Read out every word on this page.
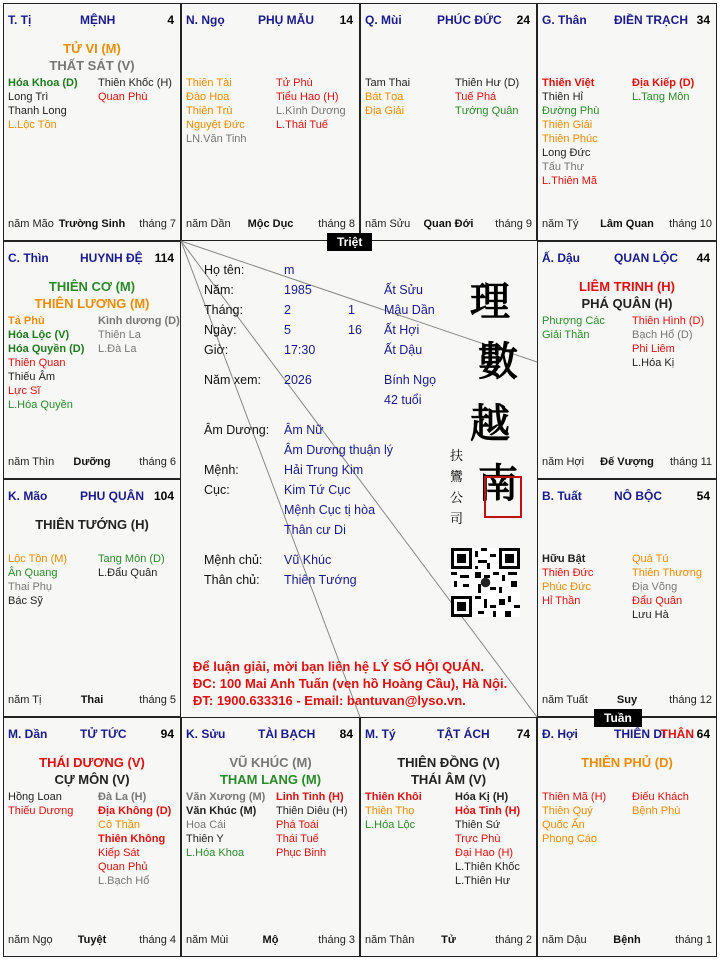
T. Tị	MỆNH	4
TỬ VI (M)
THẤT SÁT (V)
Hóa Khoa (D)
Long Trì
Thanh Long
L.Lộc Tồn
Thiên Khốc (H)
Quan Phù
năm Mão Trường Sinh	tháng 7
N. Ngọ	PHỤ MẪU 14
Thiên Tài
Đào Hoa
Thiên Trù
Nguyệt Đức
LN.Văn Tinh
Tử Phù
Tiểu Hao (H)
L.Kình Dương
L.Thái Tuế
năm Dần	Mộc Dục	tháng 8
Q. Mùi	PHÚC ĐỨC 24
Tam Thai
Bát Tọa
Địa Giải
Thiên Hư (D)
Tuế Phá
Tướng Quân
năm Sửu	Quan Đới	tháng 9
G. Thân ĐIỀN TRẠCH 34
Thiên Việt
Thiên Hỉ
Đường Phù
Thiên Giải
Thiên Phúc
Long Đức
Tấu Thư
L.Thiên Mã
Địa Kiếp (D)
L.Tang Môn
năm Tý	Lâm Quan	tháng 10
C. Thìn	HUYNH ĐỆ 114
THIÊN CƠ (M)
THIÊN LƯƠNG (M)
Tả Phù
Hóa Lộc (V)
Hóa Quyền (D)
Thiên Quan
Thiếu Âm
Lực Sĩ
L.Hóa Quyền
Kình dương (D)
Thiên La
L.Đà La
năm Thìn	Dưỡng	tháng 6
Ấ. Dậu	QUAN LỘC 44
LIÊM TRINH (H)
PHÁ QUÂN (H)
Phượng Các
Giải Thần
Thiên Hình (D)
Bạch Hổ (D)
Phi Liêm
L.Hóa Kị
năm Hợi	Đế Vượng	tháng 11
K. Mão	PHU QUÂN 104
THIÊN TƯỚNG (H)
Lộc Tồn (M)
Ân Quang
Thai Phụ
Bác Sỹ
Tang Môn (D)
L.Đẩu Quân
năm Tị	Thai	tháng 5
B. Tuất	NÔ BỘC	54
Hữu Bật
Thiên Đức
Phúc Đức
Hỉ Thần
Quả Tú
Thiên Thương
Địa Võng
Đẩu Quân
Lưu Hà
năm Tuất	Suy	tháng 12
M. Dần	TỬ TỨC	94
THÁI DƯƠNG (V)
CỰ MÔN (V)
Hồng Loan
Thiếu Dương
Đà La (H)
Địa Không (D)
Cô Thần
Thiên Không
Kiếp Sát
Quan Phủ
L.Bạch Hổ
năm Ngọ	Tuyệt	tháng 4
K. Sửu	TÀI BẠCH 84
VŨ KHÚC (M)
THAM LANG (M)
Văn Xương (M)
Văn Khúc (M)
Hoa Cái
Thiên Y
L.Hóa Khoa
Linh Tinh (H)
Thiên Diêu (H)
Phá Toái
Thái Tuế
Phục Binh
năm Mùi	Mộ	tháng 3
M. Tý	TẬT ÁCH 74
THIÊN ĐỒNG (V)
THÁI ÂM (V)
Thiên Khôi
Thiên Thọ
L.Hóa Lộc
Hóa Kị (H)
Hỏa Tinh (H)
Thiên Sứ
Trực Phù
Đại Hao (H)
L.Thiên Khốc
L.Thiên Hư
năm Thân	Tử	tháng 2
Đ. Hợi	THIÊN DI
THÂN 64
THIÊN PHỦ (D)
Thiên Mã (H)
Thiên Quý
Quốc Ấn
Phong Cáo
Điếu Khách
Bệnh Phù
năm Dậu	Bệnh	tháng 1
Họ tên:	m
Năm:	1985	Ất Sửu
Tháng:	2	1 Mậu Dần
Ngày:	5	16 Ất Hợi
Giờ:	17:30	Ất Dậu
Năm xem: 2026	Bính Ngọ
42 tuổi
Âm Dương: Âm Nữ
Âm Dương thuận lý
Mệnh:	Hải Trung Kim
Cục:	Kim Tứ Cục
Mệnh Cục tị hòa
Thân cư Di
Mệnh chủ: Vũ Khúc
Thân chủ: Thiên Tướng
理
數
越
南
扶
鸞
公
司
Để luận giải, mời bạn liên hệ LÝ SỐ HỘI QUÁN.
ĐC: 100 Mai Anh Tuấn (ven hồ Hoàng Cầu), Hà Nội.
ĐT: 1900.633316 - Email: bantuvan@lyso.vn.
Triệt
Tuần
